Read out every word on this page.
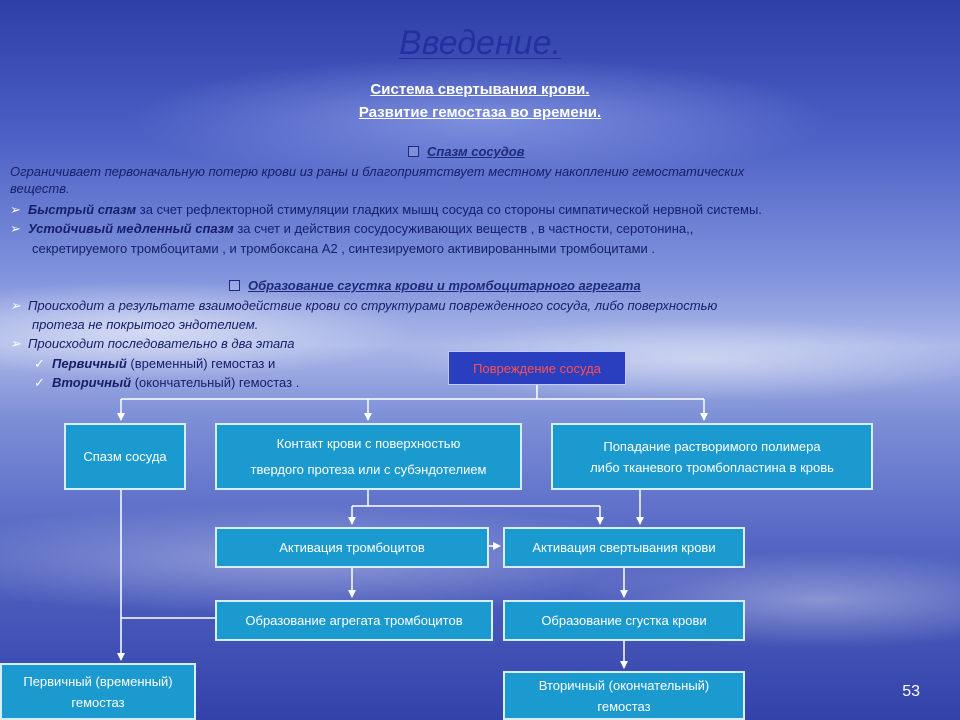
Введение.
Система свертывания крови.
Развитие гемостаза во времени.
Спазм сосудов
Ограничивает первоначальную потерю крови из раны и благоприятствует местному накоплению гемостатических
веществ.
➢ Быстрый спазм за счет рефлекторной стимуляции гладких мышц сосуда со стороны симпатической нервной системы.
➢ Устойчивый медленный спазм за счет и действия сосудосуживающих веществ , в частности, серотонина,,
секретируемого тромбоцитами , и тромбоксана А2 , синтезируемого активированными тромбоцитами .
Образование сгустка крови и тромбоцитарного агрегата
➢ Происходит а результате взаимодействие крови со структурами поврежденного сосуда, либо поверхностью
протеза не покрытого эндотелием.
➢ Происходит последовательно в два этапа
✓ Первичный (временный) гемостаз и
✓ Вторичный (окончательный) гемостаз .
Повреждение сосуда
Спазм сосуда
Контакт крови с поверхностью
твердого протеза или с субэндотелием
Попадание растворимого полимера
либо тканевого тромбопластина в кровь
Активация тромбоцитов	Активация свертывания крови
Образование агрегата тромбоцитов	Образование сгустка крови
Первичный (временный)
гемостаз
Вторичный (окончательный)
гемостаз
53
